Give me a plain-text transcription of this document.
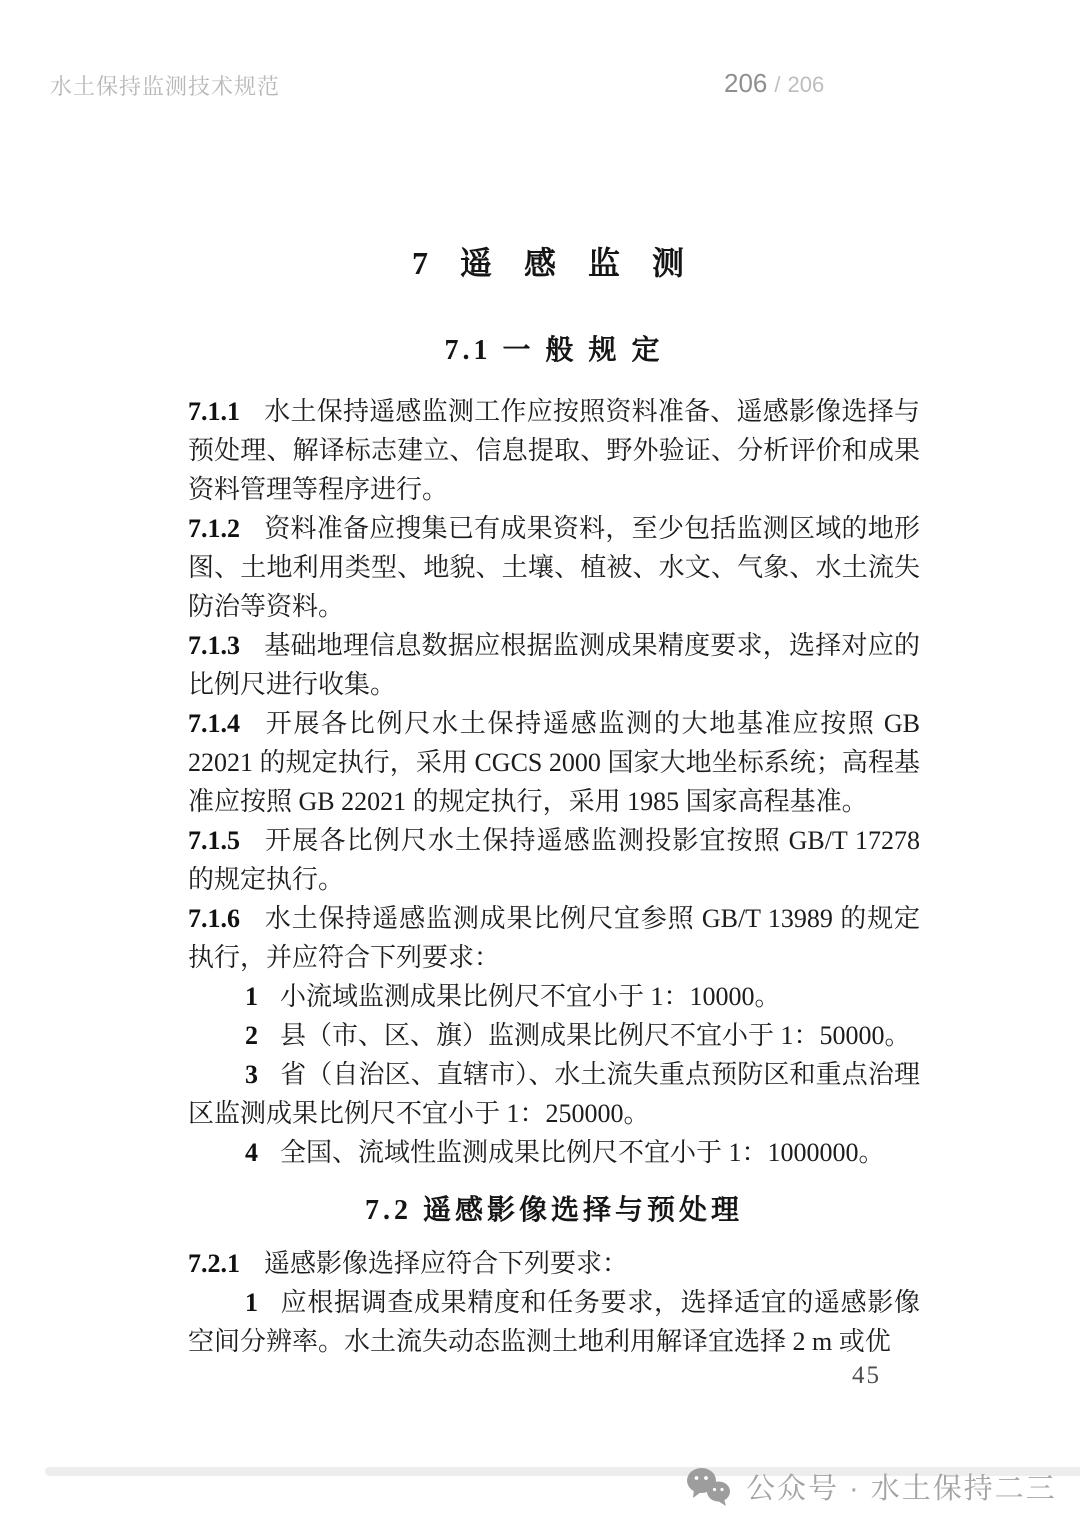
水土保持监测技术规范	206 / 206
7 遥 感 监 测
7.1 一 般 规 定

7.1.1 水土保持遥感监测工作应按照资料准备、遥感影像选择与预处理、解译标志建立、信息提取、野外验证、分析评价和成果资料管理等程序进行。

7.1.2 资料准备应搜集已有成果资料，至少包括监测区域的地形图、土地利用类型、地貌、土壤、植被、水文、气象、水土流失防治等资料。

7.1.3 基础地理信息数据应根据监测成果精度要求，选择对应的比例尺进行收集。

7.1.4 开展各比例尺水土保持遥感监测的大地基准应按照 GB 22021 的规定执行，采用 CGCS 2000 国家大地坐标系统；高程基准应按照 GB 22021 的规定执行，采用 1985 国家高程基准。

7.1.5 开展各比例尺水土保持遥感监测投影宜按照 GB/T 17278 的规定执行。

7.1.6 水土保持遥感监测成果比例尺宜参照 GB/T 13989 的规定执行，并应符合下列要求：

1 小流域监测成果比例尺不宜小于 1：10000。

2 县（市、区、旗）监测成果比例尺不宜小于 1：50000。

3 省（自治区、直辖市）、水土流失重点预防区和重点治理区监测成果比例尺不宜小于 1：250000。

4 全国、流域性监测成果比例尺不宜小于 1：1000000。

7.2 遥感影像选择与预处理

7.2.1 遥感影像选择应符合下列要求：

1 应根据调查成果精度和任务要求，选择适宜的遥感影像空间分辨率。水土流失动态监测土地利用解译宜选择 2 m 或优

45
公众号 · 水土保持二三
